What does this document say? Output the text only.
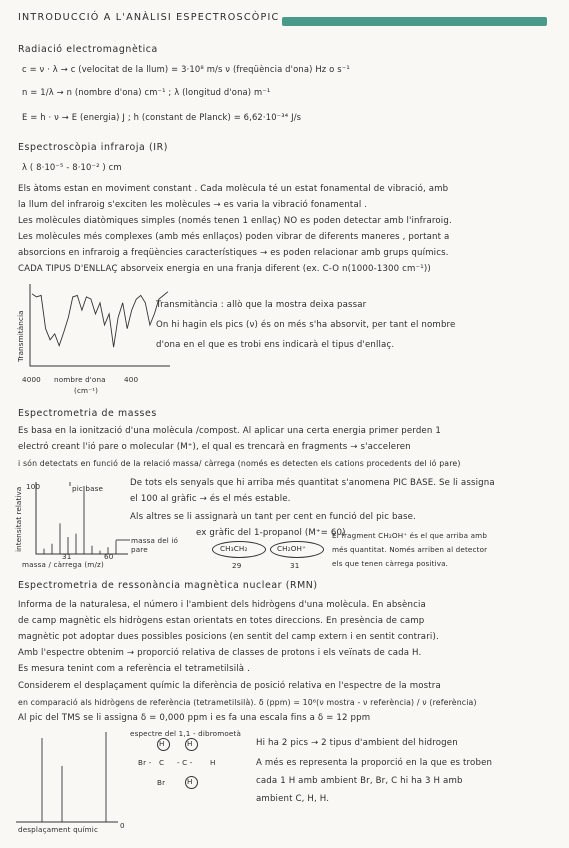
INTRODUCCIÓ A L'ANÀLISI ESPECTROSCÒPIC
Radiació electromagnètica
c = ν · λ → c (velocitat de la llum) = 3·10⁸ m/s ν (freqüència d'ona) Hz o s⁻¹
n = 1/λ → n (nombre d'ona) cm⁻¹ ; λ (longitud d'ona) m⁻¹
E = h · ν → E (energia) J ; h (constant de Planck) = 6,62·10⁻³⁴ J/s
Espectroscòpia infraroja (IR)
λ ( 8·10⁻⁵ - 8·10⁻² ) cm
Els àtoms estan en moviment constant . Cada molècula té un estat fonamental de vibració, amb
la llum del infraroig s'exciten les molècules → es varia la vibració fonamental .
Les molècules diatòmiques simples (només tenen 1 enllaç) NO es poden detectar amb l'infraroig.
Les molècules més complexes (amb més enllaços) poden vibrar de diferents maneres , portant a
absorcions en infraroig a freqüències característiques → es poden relacionar amb grups químics.
CADA TIPUS D'ENLLAÇ absorveix energia en una franja diferent (ex. C-O n(1000-1300 cm⁻¹))
Transmitància
4000 nombre d'ona	400
(cm⁻¹)
Transmitància : allò que la mostra deixa passar
On hi hagin els pics (ν) és on més s'ha absorvit, per tant el nombre
d'ona en el que es trobi ens indicarà el tipus d'enllaç.
Espectrometria de masses
Es basa en la ionització d'una molècula /compost. Al aplicar una certa energia primer perden 1
electró creant l'ió pare o molecular (M⁺), el qual es trencarà en fragments → s'acceleren
i són detectats en funció de la relació massa/ càrrega (només es detecten els cations procedents del ió pare)
intensitat relativa
100	pic base
massa del ió pare
31	60
massa / càrrega (m/z)
De tots els senyals que hi arriba més quantitat s'anomena PIC BASE. Se li assigna
el 100 al gràfic → és el més estable.
Als altres se li assignarà un tant per cent en funció del pic base.
ex gràfic del 1-propanol (M⁺= 60)
CH₃CH₂	CH₂OH⁺
29	31
El fragment CH₂OH⁺ és el que arriba amb
més quantitat. Només arriben al detector
els que tenen càrrega positiva.
Espectrometria de ressonància magnètica nuclear (RMN)
Informa de la naturalesa, el número i l'ambient dels hidrògens d'una molècula. En absència
de camp magnètic els hidrògens estan orientats en totes direccions. En presència de camp
magnètic pot adoptar dues possibles posicions (en sentit del camp extern i en sentit contrari).
Amb l'espectre obtenim → proporció relativa de classes de protons i els veïnats de cada H.
Es mesura tenint com a referència el tetrametilsilà .
Considerem el desplaçament químic la diferència de posició relativa en l'espectre de la mostra
en comparació als hidrògens de referència (tetrametilsilà). δ (ppm) = 10⁶(ν mostra - ν referència) / ν (referència)
Al pic del TMS se li assigna δ = 0,000 ppm i es fa una escala fins a δ = 12 ppm
espectre del 1,1 - dibromoetà
desplaçament químic	0
H	H
H
Br - C - C - H
Br
Hi ha 2 pics → 2 tipus d'ambient del hidrogen
A més es representa la proporció en la que es troben
cada 1 H amb ambient Br, Br, C hi ha 3 H amb
ambient C, H, H.
